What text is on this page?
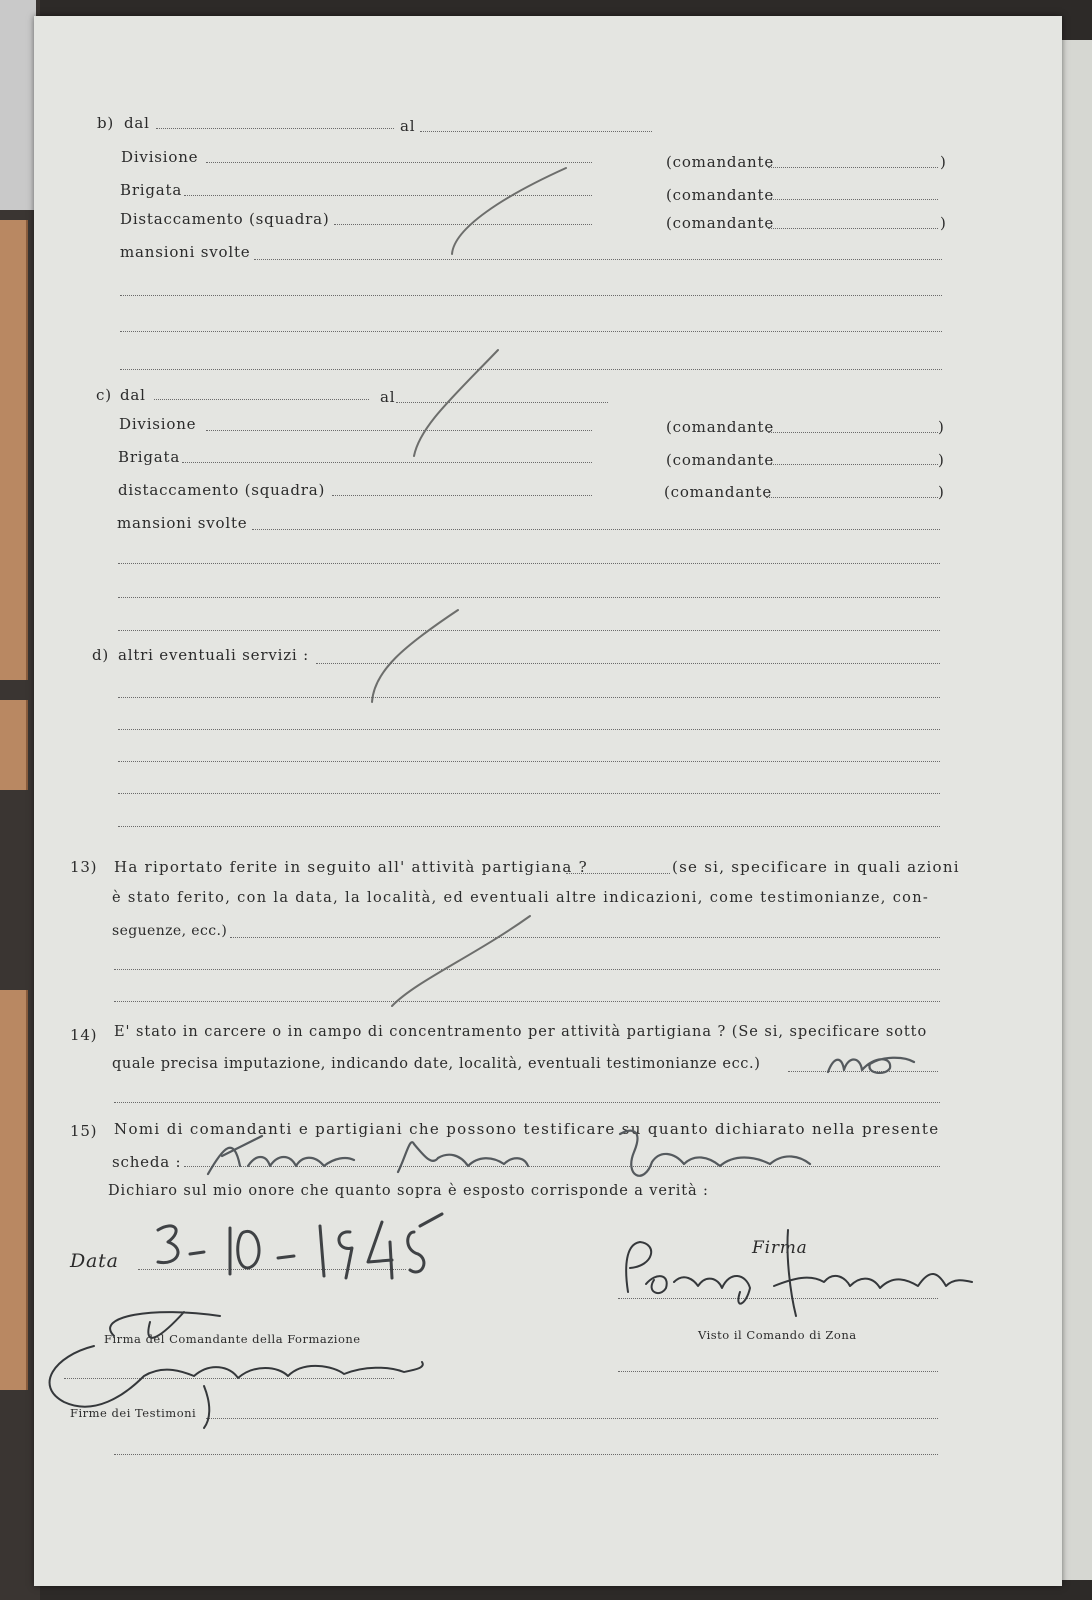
b) dal	al
Divisione	(comandante	)
Brigata	(comandante
Distaccamento (squadra)	(comandante	)
mansioni svolte
c) dal	al
Divisione	(comandante	)
Brigata	(comandante	)
distaccamento (squadra)	(comandante	)
mansioni svolte
d) altri eventuali servizi :
13) Ha riportato ferite in seguito all' attività partigiana ?	(se si, specificare in quali azioni
è stato ferito, con la data, la località, ed eventuali altre indicazioni, come testimonianze, con-
seguenze, ecc.)
14) E' stato in carcere o in campo di concentramento per attività partigiana ? (Se si, specificare sotto
quale precisa imputazione, indicando date, località, eventuali testimonianze ecc.)
15) Nomi di comandanti e partigiani che possono testificare su quanto dichiarato nella presente
scheda :
Dichiaro sul mio onore che quanto sopra è esposto corrisponde a verità :
Data
Firma
Firma del Comandante della Formazione	Visto il Comando di Zona
Firme dei Testimoni
